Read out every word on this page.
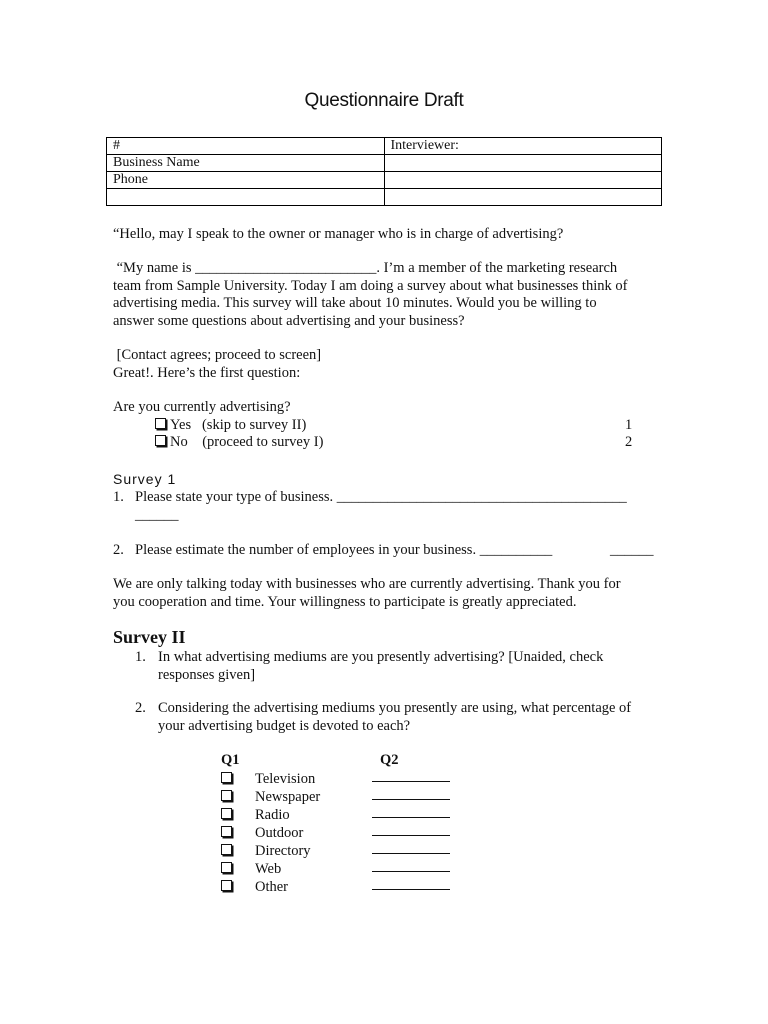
Questionnaire Draft
#	Interviewer:
Business Name	
Phone	

“Hello, may I speak to the owner or manager who is in charge of advertising?
“My name is _________________________. I’m a member of the marketing research
team from Sample University. Today I am doing a survey about what businesses think of
advertising media. This survey will take about 10 minutes. Would you be willing to
answer some questions about advertising and your business?
[Contact agrees; proceed to screen]
Great!. Here’s the first question:
Are you currently advertising?
Yes   (skip to survey II)	1
No    (proceed to survey I)	2
Survey 1
1. Please state your type of business. ________________________________________
______
2. Please estimate the number of employees in your business. __________	______
We are only talking today with businesses who are currently advertising. Thank you for
you cooperation and time. Your willingness to participate is greatly appreciated.
Survey II
1. In what advertising mediums are you presently advertising? [Unaided, check
responses given]
2. Considering the advertising mediums you presently are using, what percentage of
your advertising budget is devoted to each?
Q1	Q2
Television
Newspaper
Radio
Outdoor
Directory
Web
Other
